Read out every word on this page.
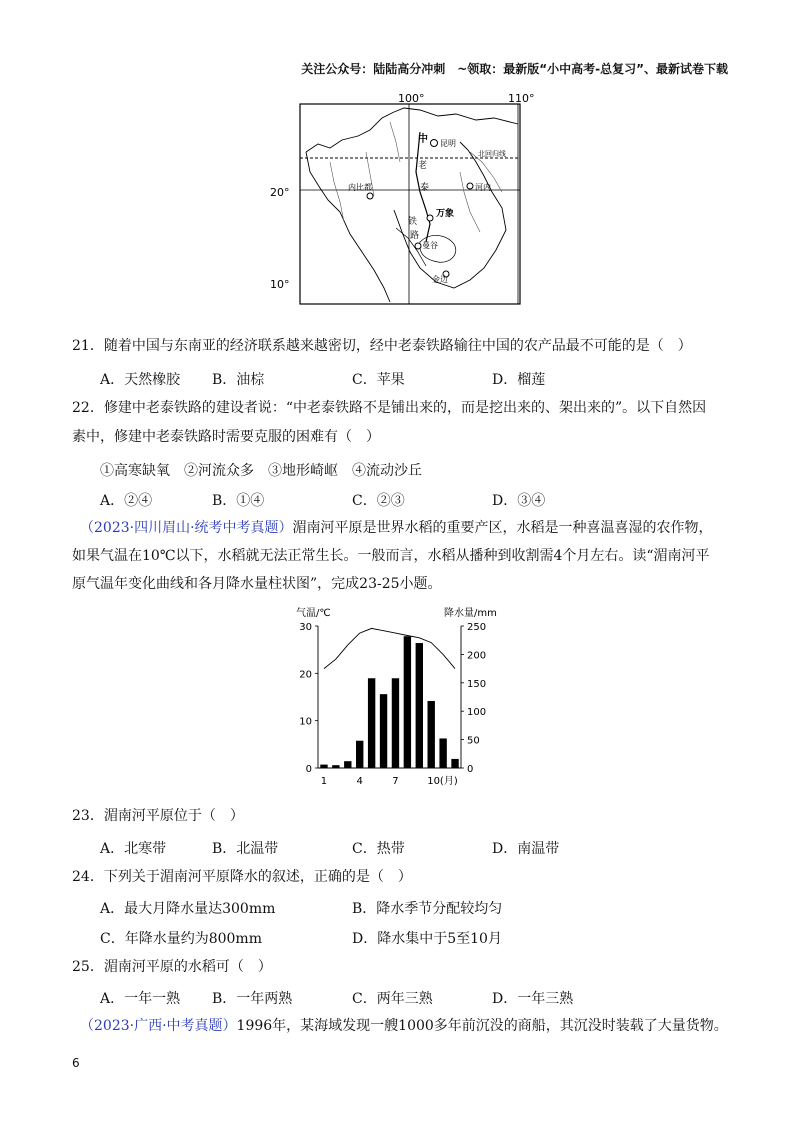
关注公众号：陆陆高分冲刺　~领取：最新版“小中高考-总复习”、最新试卷下载
100°	110°
20°
10°
中 昆明
北回归线
老
内比都	泰	河内
万象
铁
路
曼谷
金边
21．随着中国与东南亚的经济联系越来越密切，经中老泰铁路输往中国的农产品最不可能的是（　）
A．天然橡胶 B．油棕	C．苹果	D．榴莲
22．修建中老泰铁路的建设者说：“中老泰铁路不是铺出来的，而是挖出来的、架出来的”。以下自然因
素中，修建中老泰铁路时需要克服的困难有（　）
①高寒缺氧　②河流众多　③地形崎岖　④流动沙丘
A．②④	B．①④	C．②③	D．③④
（2023·四川眉山·统考中考真题）湄南河平原是世界水稻的重要产区，水稻是一种喜温喜湿的农作物，
如果气温在10℃以下，水稻就无法正常生长。一般而言，水稻从播种到收割需4个月左右。读“湄南河平
原气温年变化曲线和各月降水量柱状图”，完成23-25小题。
气温/℃	降水量/mm
30
20
10
0
250
200
150
100
50
0
1	4	7	10(月)
23．湄南河平原位于（　）
A．北寒带	B．北温带	C．热带	D．南温带
24．下列关于湄南河平原降水的叙述，正确的是（　）
A．最大月降水量达300mm	B．降水季节分配较均匀
C．年降水量约为800mm	D．降水集中于5至10月
25．湄南河平原的水稻可（　）
A．一年一熟 B．一年两熟	C．两年三熟	D．一年三熟
（2023·广西·中考真题）1996年，某海域发现一艘1000多年前沉没的商船，其沉没时装载了大量货物。
6
